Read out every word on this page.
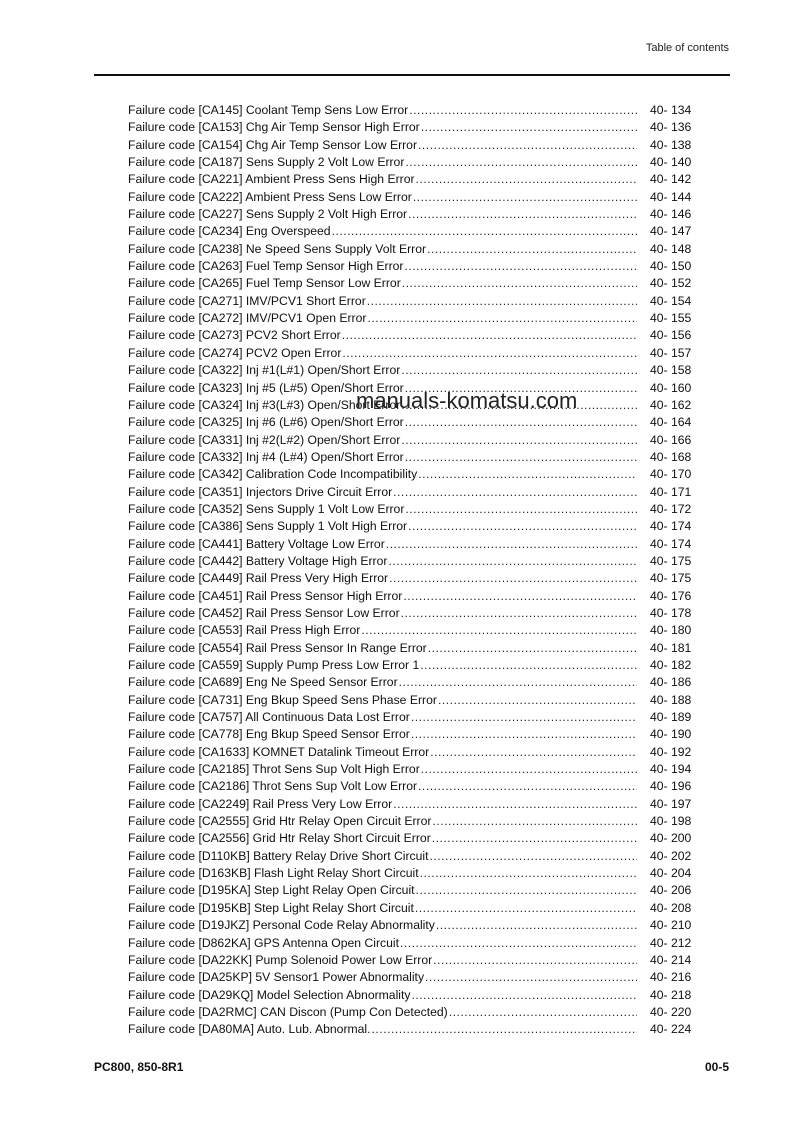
Table of contents
Failure code [CA145] Coolant Temp Sens Low Error .....	40- 134
Failure code [CA153] Chg Air Temp Sensor High Error .....	40- 136
Failure code [CA154] Chg Air Temp Sensor Low Error .....	40- 138
Failure code [CA187] Sens Supply 2 Volt Low Error .....	40- 140
Failure code [CA221] Ambient Press Sens High Error .....	40- 142
Failure code [CA222] Ambient Press Sens Low Error .....	40- 144
Failure code [CA227] Sens Supply 2 Volt High Error .....	40- 146
Failure code [CA234] Eng Overspeed .....	40- 147
Failure code [CA238] Ne Speed Sens Supply Volt Error .....	40- 148
Failure code [CA263] Fuel Temp Sensor High Error .....	40- 150
Failure code [CA265] Fuel Temp Sensor Low Error .....	40- 152
Failure code [CA271] IMV/PCV1 Short Error .....	40- 154
Failure code [CA272] IMV/PCV1 Open Error .....	40- 155
Failure code [CA273] PCV2 Short Error .....	40- 156
Failure code [CA274] PCV2 Open Error .....	40- 157
Failure code [CA322] Inj #1(L#1) Open/Short Error .....	40- 158
Failure code [CA323] Inj #5 (L#5) Open/Short Error .....	40- 160
Failure code [CA324] Inj #3(L#3) Open/Short Error .....	40- 162
Failure code [CA325] Inj #6 (L#6) Open/Short Error .....	40- 164
Failure code [CA331] Inj #2(L#2) Open/Short Error .....	40- 166
Failure code [CA332] Inj #4 (L#4) Open/Short Error .....	40- 168
Failure code [CA342] Calibration Code Incompatibility .....	40- 170
Failure code [CA351] Injectors Drive Circuit Error .....	40- 171
Failure code [CA352] Sens Supply 1 Volt Low Error .....	40- 172
Failure code [CA386] Sens Supply 1 Volt High Error .....	40- 174
Failure code [CA441] Battery Voltage Low Error .....	40- 174
Failure code [CA442] Battery Voltage High Error .....	40- 175
Failure code [CA449] Rail Press Very High Error .....	40- 175
Failure code [CA451] Rail Press Sensor High Error .....	40- 176
Failure code [CA452] Rail Press Sensor Low Error .....	40- 178
Failure code [CA553] Rail Press High Error .....	40- 180
Failure code [CA554] Rail Press Sensor In Range Error .....	40- 181
Failure code [CA559] Supply Pump Press Low Error 1 .....	40- 182
Failure code [CA689] Eng Ne Speed Sensor Error .....	40- 186
Failure code [CA731] Eng Bkup Speed Sens Phase Error .....	40- 188
Failure code [CA757] All Continuous Data Lost Error .....	40- 189
Failure code [CA778] Eng Bkup Speed Sensor Error .....	40- 190
Failure code [CA1633] KOMNET Datalink Timeout Error .....	40- 192
Failure code [CA2185] Throt Sens Sup Volt High Error .....	40- 194
Failure code [CA2186] Throt Sens Sup Volt Low Error .....	40- 196
Failure code [CA2249] Rail Press Very Low Error .....	40- 197
Failure code [CA2555] Grid Htr Relay Open Circuit Error .....	40- 198
Failure code [CA2556] Grid Htr Relay Short Circuit Error .....	40- 200
Failure code [D110KB] Battery Relay Drive Short Circuit .....	40- 202
Failure code [D163KB] Flash Light Relay Short Circuit .....	40- 204
Failure code [D195KA] Step Light Relay Open Circuit .....	40- 206
Failure code [D195KB] Step Light Relay Short Circuit .....	40- 208
Failure code [D19JKZ] Personal Code Relay Abnormality .....	40- 210
Failure code [D862KA] GPS Antenna Open Circuit .....	40- 212
Failure code [DA22KK] Pump Solenoid Power Low Error .....	40- 214
Failure code [DA25KP] 5V Sensor1 Power Abnormality .....	40- 216
Failure code [DA29KQ] Model Selection Abnormality .....	40- 218
Failure code [DA2RMC] CAN Discon (Pump Con Detected) .....	40- 220
Failure code [DA80MA] Auto. Lub. Abnormal. .....	40- 224
manuals-komatsu.com
PC800, 850-8R1	00-5
